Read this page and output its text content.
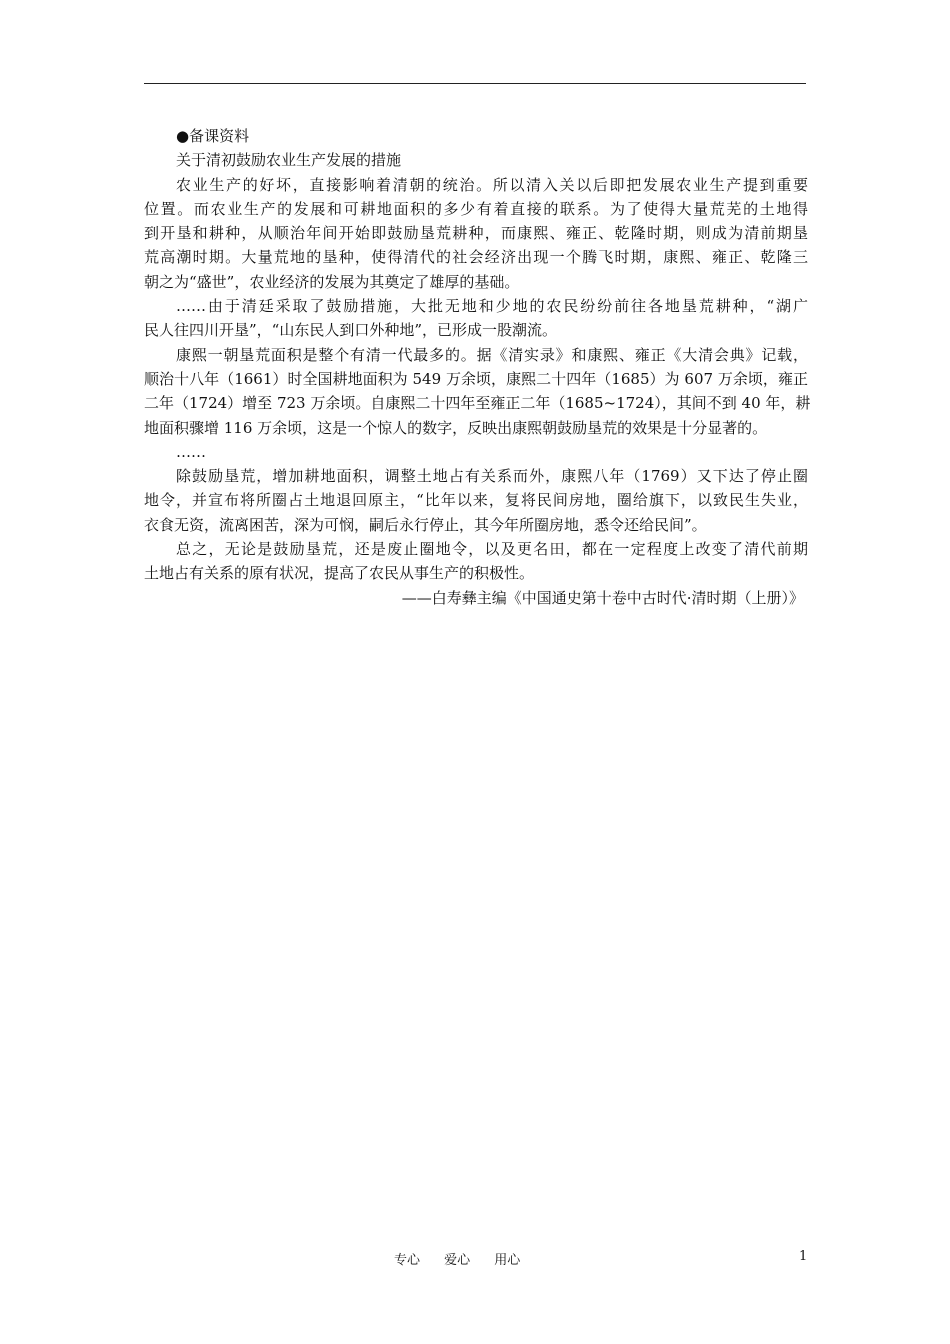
●备课资料
关于清初鼓励农业生产发展的措施
农业生产的好坏，直接影响着清朝的统治。所以清入关以后即把发展农业生产提到重要
位置。而农业生产的发展和可耕地面积的多少有着直接的联系。为了使得大量荒芜的土地得
到开垦和耕种，从顺治年间开始即鼓励垦荒耕种，而康熙、雍正、乾隆时期，则成为清前期垦
荒高潮时期。大量荒地的垦种，使得清代的社会经济出现一个腾飞时期，康熙、雍正、乾隆三
朝之为“盛世”，农业经济的发展为其奠定了雄厚的基础。
……由于清廷采取了鼓励措施，大批无地和少地的农民纷纷前往各地垦荒耕种，“湖广
民人往四川开垦”，“山东民人到口外种地”，已形成一股潮流。
康熙一朝垦荒面积是整个有清一代最多的。据《清实录》和康熙、雍正《大清会典》记载，
顺治十八年（1661）时全国耕地面积为 549 万余顷，康熙二十四年（1685）为 607 万余顷，雍正
二年（1724）增至 723 万余顷。自康熙二十四年至雍正二年（1685~1724），其间不到 40 年，耕
地面积骤增 116 万余顷，这是一个惊人的数字，反映出康熙朝鼓励垦荒的效果是十分显著的。
……
除鼓励垦荒，增加耕地面积，调整土地占有关系而外，康熙八年（1769）又下达了停止圈
地令，并宣布将所圈占土地退回原主，“比年以来，复将民间房地，圈给旗下，以致民生失业，
衣食无资，流离困苦，深为可悯，嗣后永行停止，其今年所圈房地，悉令还给民间”。
总之，无论是鼓励垦荒，还是废止圈地令，以及更名田，都在一定程度上改变了清代前期
土地占有关系的原有状况，提高了农民从事生产的积极性。
——白寿彝主编《中国通史第十卷中古时代·清时期（上册）》
专心 爱心 用心	1
